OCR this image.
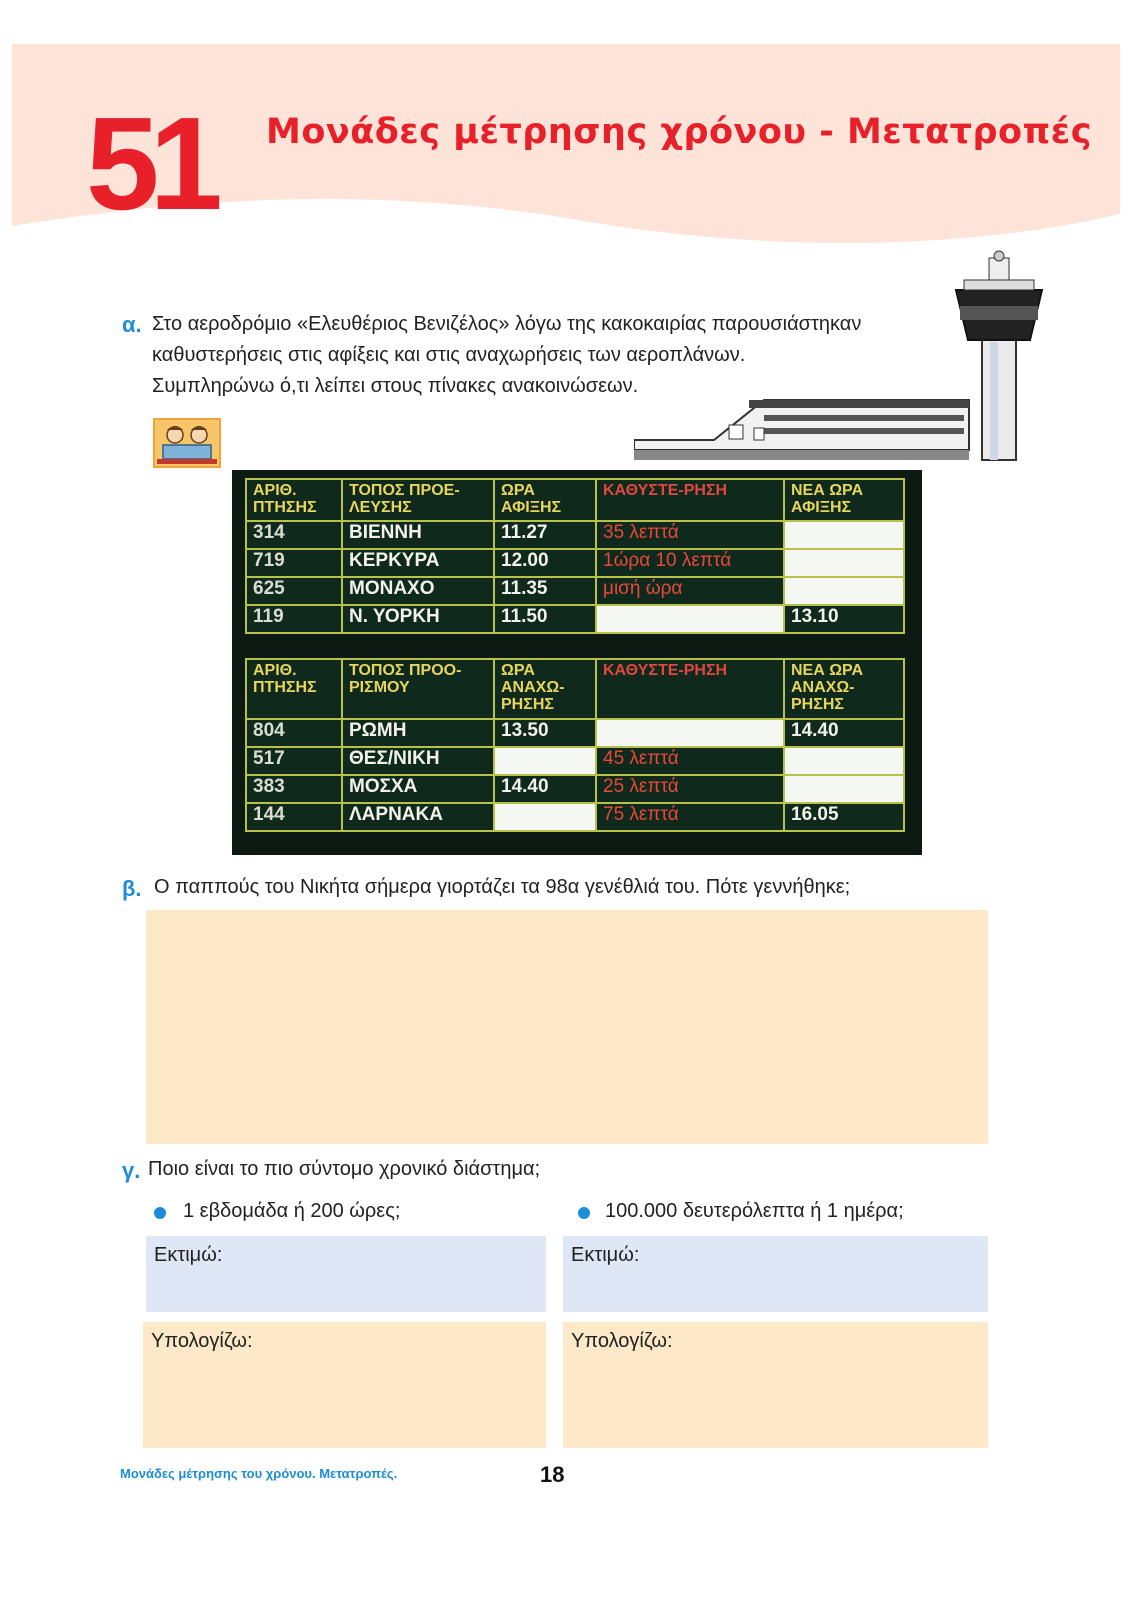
51 Μονάδες μέτρησης χρόνου - Μετατροπές
α. Στο αεροδρόμιο «Ελευθέριος Βενιζέλος» λόγω της κακοκαιρίας παρουσιάστηκαν
καθυστερήσεις στις αφίξεις και στις αναχωρήσεις των αεροπλάνων.
Συμπληρώνω ό,τι λείπει στους πίνακες ανακοινώσεων.
ΑΡΙΘ. ΠΤΗΣΗΣ	ΤΟΠΟΣ ΠΡΟΕ-ΛΕΥΣΗΣ	ΩΡΑ ΑΦΙΞΗΣ	ΚΑΘΥΣΤΕ-ΡΗΣΗ	ΝΕΑ ΩΡΑ ΑΦΙΞΗΣ
314	ΒΙΕΝΝΗ	11.27	35 λεπτά	
719	ΚΕΡΚΥΡΑ	12.00	1ώρα 10 λεπτά	
625	ΜΟΝΑΧΟ	11.35	μισή ώρα	
119	Ν. ΥΟΡΚΗ	11.50		13.10
ΑΡΙΘ. ΠΤΗΣΗΣ	ΤΟΠΟΣ ΠΡΟΟ-ΡΙΣΜΟΥ	ΩΡΑ ΑΝΑΧΩ-ΡΗΣΗΣ	ΚΑΘΥΣΤΕ-ΡΗΣΗ	ΝΕΑ ΩΡΑ ΑΝΑΧΩ-ΡΗΣΗΣ
804	ΡΩΜΗ	13.50		14.40
517	ΘΕΣ/ΝΙΚΗ		45 λεπτά	
383	ΜΟΣΧΑ	14.40	25 λεπτά	
144	ΛΑΡΝΑΚΑ		75 λεπτά	16.05
β. Ο παππούς του Νικήτα σήμερα γιορτάζει τα 98α γενέθλιά του. Πότε γεννήθηκε;
γ. Ποιο είναι το πιο σύντομο χρονικό διάστημα;
1 εβδομάδα ή 200 ώρες;	100.000 δευτερόλεπτα ή 1 ημέρα;
Εκτιμώ:
Υπολογίζω:
Εκτιμώ:
Υπολογίζω:
Μονάδες μέτρησης του χρόνου. Μετατροπές.	18
